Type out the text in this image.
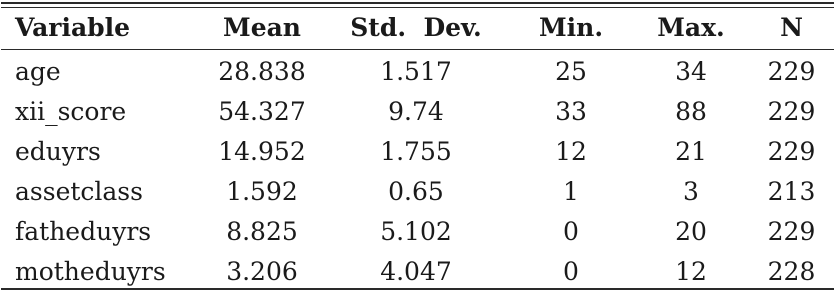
Variable	Mean	Std.  Dev.	Min.	Max.	N
age	28.838	1.517	25	34	229
xii_score	54.327	9.74	33	88	229
eduyrs	14.952	1.755	12	21	229
assetclass	1.592	0.65	1	3	213
fatheduyrs	8.825	5.102	0	20	229
motheduyrs	3.206	4.047	0	12	228
